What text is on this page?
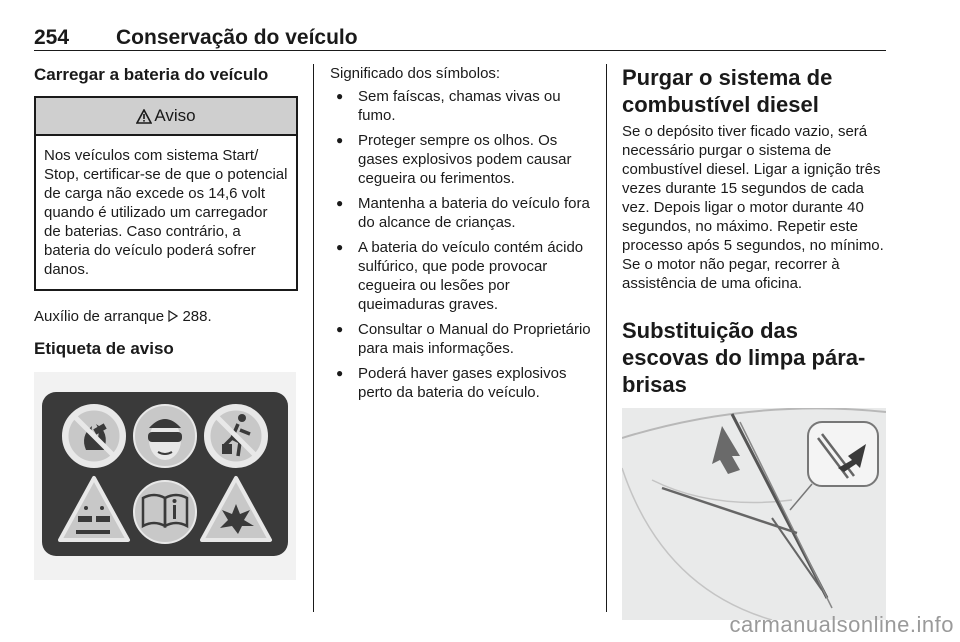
254 Conservação do veículo
Carregar a bateria do veículo
Aviso
Nos veículos com sistema Start/ Stop, certificar-se de que o potencial de carga não excede os 14,6 volt quando é utilizado um carregador de baterias. Caso contrário, a bateria do veículo poderá sofrer danos.

Auxílio de arranque 288.

Etiqueta de aviso

Significado dos símbolos:

● Sem faíscas, chamas vivas ou fumo.
● Proteger sempre os olhos. Os gases explosivos podem causar cegueira ou ferimentos.
● Mantenha a bateria do veículo fora do alcance de crianças.
● A bateria do veículo contém ácido sulfúrico, que pode provocar cegueira ou lesões por queimaduras graves.
● Consultar o Manual do Proprietário para mais informações.
● Poderá haver gases explosivos perto da bateria do veículo.
Purgar o sistema de combustível diesel

Se o depósito tiver ficado vazio, será necessário purgar o sistema de combustível diesel. Ligar a ignição três vezes durante 15 segundos de cada vez. Depois ligar o motor durante 40 segundos, no máximo. Repetir este processo após 5 segundos, no mínimo. Se o motor não pegar, recorrer à assistência de uma oficina.

Substituição das escovas do limpa pára-brisas
carmanualsonline.info
